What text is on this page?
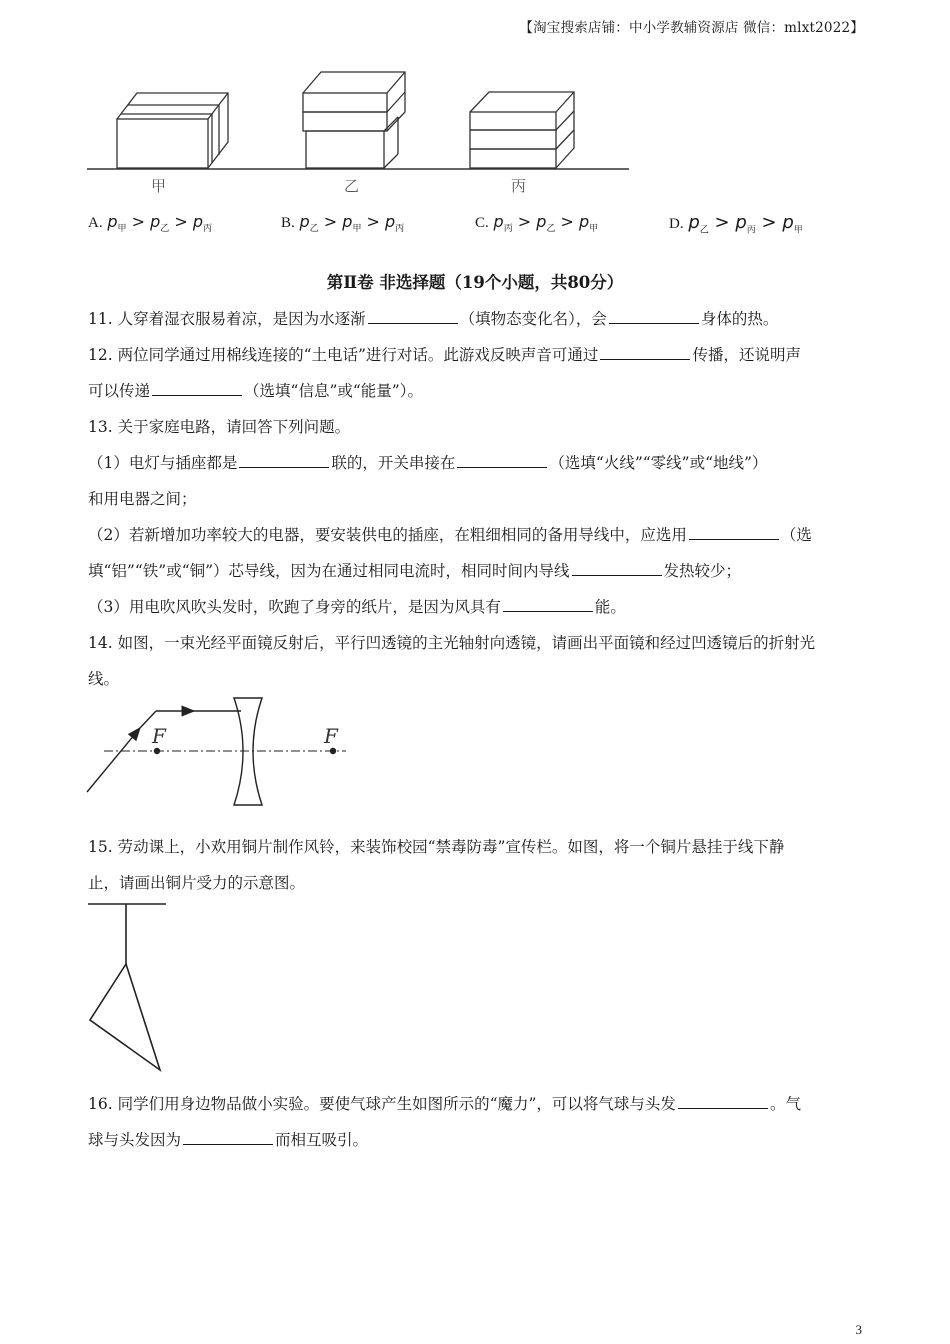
【淘宝搜索店铺：中小学教辅资源店 微信：mlxt2022】
甲	乙	丙
A. $p_甲 > p_乙 > p_丙$	B. $p_乙 > p_甲 > p_丙$	C. $p_丙 > p_乙 > p_甲$	D. $p_乙 > p_丙 > p_甲$
第Ⅱ卷 非选择题（19个小题，共80分）
11. 人穿着湿衣服易着凉，是因为水逐渐	（填物态变化名），会	身体的热。
12. 两位同学通过用棉线连接的“土电话”进行对话。此游戏反映声音可通过	传播，还说明声
可以传递	（选填“信息”或“能量”）。
13. 关于家庭电路，请回答下列问题。
（1）电灯与插座都是	联的，开关串接在	（选填“火线”“零线”或“地线”）
和用电器之间；
（2）若新增加功率较大的电器，要安装供电的插座，在粗细相同的备用导线中，应选用	（选
填“铝”“铁”或“铜”）芯导线，因为在通过相同电流时，相同时间内导线	发热较少；
（3）用电吹风吹头发时，吹跑了身旁的纸片，是因为风具有	能。
14. 如图，一束光经平面镜反射后，平行凹透镜的主光轴射向透镜，请画出平面镜和经过凹透镜后的折射光
线。
F	F
15. 劳动课上，小欢用铜片制作风铃，来装饰校园“禁毒防毒”宣传栏。如图，将一个铜片悬挂于线下静
止，请画出铜片受力的示意图。
16. 同学们用身边物品做小实验。要使气球产生如图所示的“魔力”，可以将气球与头发	。气
球与头发因为	而相互吸引。
3
